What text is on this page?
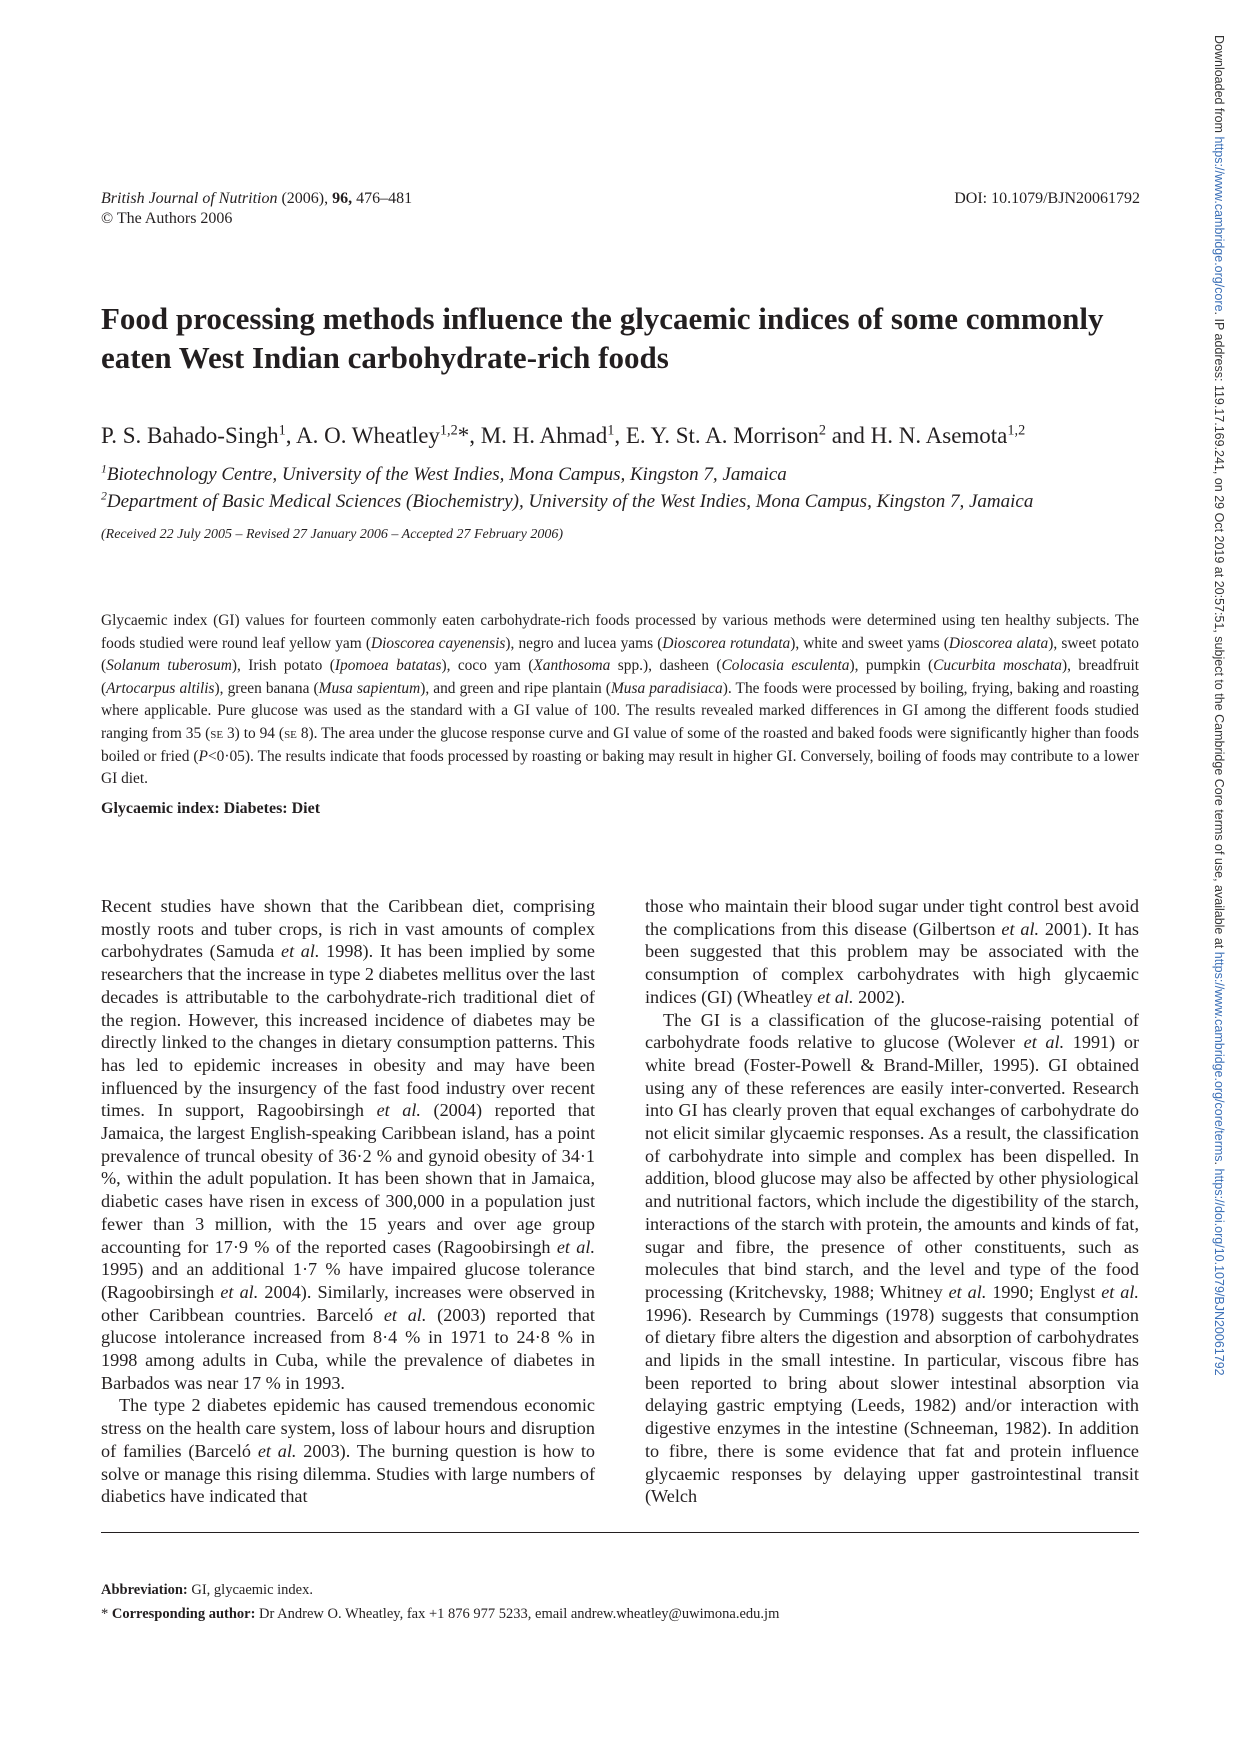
British Journal of Nutrition (2006), 96, 476–481
© The Authors 2006
DOI: 10.1079/BJN20061792
Food processing methods influence the glycaemic indices of some commonly eaten West Indian carbohydrate-rich foods
P. S. Bahado-Singh$^1$, A. O. Wheatley$^{1,2}$*, M. H. Ahmad$^1$, E. Y. St. A. Morrison$^2$ and H. N. Asemota$^{1,2}$
$^1$Biotechnology Centre, University of the West Indies, Mona Campus, Kingston 7, Jamaica
$^2$Department of Basic Medical Sciences (Biochemistry), University of the West Indies, Mona Campus, Kingston 7, Jamaica
(Received 22 July 2005 – Revised 27 January 2006 – Accepted 27 February 2006)

Glycaemic index (GI) values for fourteen commonly eaten carbohydrate-rich foods processed by various methods were determined using ten healthy subjects. The foods studied were round leaf yellow yam (Dioscorea cayenensis), negro and lucea yams (Dioscorea rotundata), white and sweet yams (Dioscorea alata), sweet potato (Solanum tuberosum), Irish potato (Ipomoea batatas), coco yam (Xanthosoma spp.), dasheen (Colocasia esculenta), pumpkin (Cucurbita moschata), breadfruit (Artocarpus altilis), green banana (Musa sapientum), and green and ripe plantain (Musa paradisiaca). The foods were processed by boiling, frying, baking and roasting where applicable. Pure glucose was used as the standard with a GI value of 100. The results revealed marked differences in GI among the different foods studied ranging from 35 (se 3) to 94 (se 8). The area under the glucose response curve and GI value of some of the roasted and baked foods were significantly higher than foods boiled or fried (P<0·05). The results indicate that foods processed by roasting or baking may result in higher GI. Conversely, boiling of foods may contribute to a lower GI diet.

Glycaemic index: Diabetes: Diet

Recent studies have shown that the Caribbean diet, comprising mostly roots and tuber crops, is rich in vast amounts of complex carbohydrates (Samuda et al. 1998). It has been implied by some researchers that the increase in type 2 diabetes mellitus over the last decades is attributable to the carbohydrate-rich traditional diet of the region. However, this increased incidence of diabetes may be directly linked to the changes in dietary consumption patterns. This has led to epidemic increases in obesity and may have been influenced by the insurgency of the fast food industry over recent times. In support, Ragoobirsingh et al. (2004) reported that Jamaica, the largest English-speaking Caribbean island, has a point prevalence of truncal obesity of 36·2 % and gynoid obesity of 34·1 %, within the adult population. It has been shown that in Jamaica, diabetic cases have risen in excess of 300,000 in a population just fewer than 3 million, with the 15 years and over age group accounting for 17·9 % of the reported cases (Ragoobirsingh et al. 1995) and an additional 1·7 % have impaired glucose tolerance (Ragoobirsingh et al. 2004). Similarly, increases were observed in other Caribbean countries. Barceló et al. (2003) reported that glucose intolerance increased from 8·4 % in 1971 to 24·8 % in 1998 among adults in Cuba, while the prevalence of diabetes in Barbados was near 17 % in 1993.

The type 2 diabetes epidemic has caused tremendous economic stress on the health care system, loss of labour hours and disruption of families (Barceló et al. 2003). The burning question is how to solve or manage this rising dilemma. Studies with large numbers of diabetics have indicated that

those who maintain their blood sugar under tight control best avoid the complications from this disease (Gilbertson et al. 2001). It has been suggested that this problem may be associated with the consumption of complex carbohydrates with high glycaemic indices (GI) (Wheatley et al. 2002).

The GI is a classification of the glucose-raising potential of carbohydrate foods relative to glucose (Wolever et al. 1991) or white bread (Foster-Powell & Brand-Miller, 1995). GI obtained using any of these references are easily inter-converted. Research into GI has clearly proven that equal exchanges of carbohydrate do not elicit similar glycaemic responses. As a result, the classification of carbohydrate into simple and complex has been dispelled. In addition, blood glucose may also be affected by other physiological and nutritional factors, which include the digestibility of the starch, interactions of the starch with protein, the amounts and kinds of fat, sugar and fibre, the presence of other constituents, such as molecules that bind starch, and the level and type of the food processing (Kritchevsky, 1988; Whitney et al. 1990; Englyst et al. 1996). Research by Cummings (1978) suggests that consumption of dietary fibre alters the digestion and absorption of carbohydrates and lipids in the small intestine. In particular, viscous fibre has been reported to bring about slower intestinal absorption via delaying gastric emptying (Leeds, 1982) and/or interaction with digestive enzymes in the intestine (Schneeman, 1982). In addition to fibre, there is some evidence that fat and protein influence glycaemic responses by delaying upper gastrointestinal transit (Welch

Abbreviation: GI, glycaemic index.
* Corresponding author: Dr Andrew O. Wheatley, fax +1 876 977 5233, email andrew.wheatley@uwimona.edu.jm
Downloaded from https://www.cambridge.org/core. IP address: 119.17.169.241, on 29 Oct 2019 at 20:57:51, subject to the Cambridge Core terms of use, available at https://www.cambridge.org/core/terms. https://doi.org/10.1079/BJN20061792
